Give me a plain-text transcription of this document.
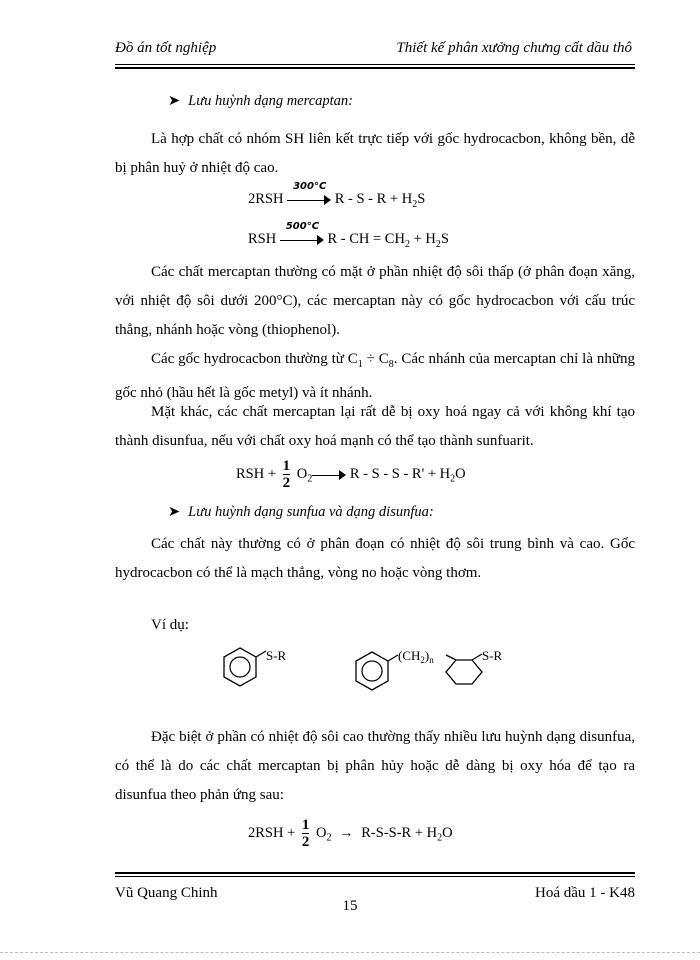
Đồ án tốt nghiệp	Thiết kế phân xưởng chưng cất dầu thô
➤ Lưu huỳnh dạng mercaptan:
Là hợp chất có nhóm SH liên kết trực tiếp với gốc hydrocacbon, không bền, dễ bị phân huỷ ở nhiệt độ cao.
2RSH
300°C
$R - S - R + H_2S$
RSH
500°C
R - CH = $CH_2 + H_2S$
Các chất mercaptan thường có mặt ở phần nhiệt độ sôi thấp (ở phân đoạn xăng, với nhiệt độ sôi dưới 200°C), các mercaptan này có gốc hydrocacbon với cấu trúc thẳng, nhánh hoặc vòng (thiophenol).
Các gốc hydrocacbon thường từ $C_1 \div C_8$. Các nhánh của mercaptan chỉ là những gốc nhỏ (hầu hết là gốc metyl) và ít nhánh.
Mặt khác, các chất mercaptan lại rất dễ bị oxy hoá ngay cả với không khí tạo thành disunfua, nếu với chất oxy hoá mạnh có thể tạo thành sunfuarit.
RSH + $\frac{1}{2} O_2$	$R - S - S - R' + H_2O$
➤ Lưu huỳnh dạng sunfua và dạng disunfua:
Các chất này thường có ở phân đoạn có nhiệt độ sôi trung bình và cao. Gốc hydrocacbon có thể là mạch thẳng, vòng no hoặc vòng thơm.
Ví dụ:
S-R	$(CH_2)_n$	S-R
Đặc biệt ở phần có nhiệt độ sôi cao thường thấy nhiều lưu huỳnh dạng disunfua, có thể là do các chất mercaptan bị phân hủy hoặc dễ dàng bị oxy hóa để tạo ra disunfua theo phản ứng sau:
$2RSH + \frac{1}{2} O_2 \to R-S-S-R + H_2O$
Vũ Quang Chinh
15
Hoá dầu 1 - K48
